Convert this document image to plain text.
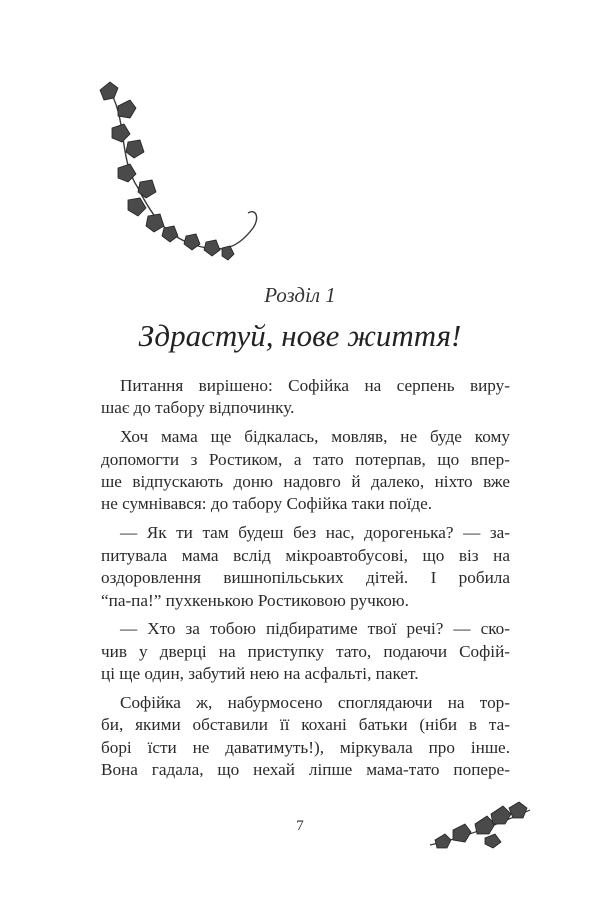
Розділ 1
Здрастуй, нове життя!
Питання вирішено: Софійка на серпень виру-
шає до табору відпочинку.
Хоч мама ще бідкалась, мовляв, не буде кому
допомогти з Ростиком, а тато потерпав, що впер-
ше відпускають доню надовго й далеко, ніхто вже
не сумнівався: до табору Софійка таки поїде.
— Як ти там будеш без нас, дорогенька? — за-
питувала мама вслід мікроавтобусові, що віз на
оздоровлення вишнопільських дітей. І робила
“па-па!” пухкенькою Ростиковою ручкою.
— Хто за тобою підбиратиме твої речі? — ско-
чив у дверці на приступку тато, подаючи Софій-
ці ще один, забутий нею на асфальті, пакет.
Софійка ж, набурмосено споглядаючи на тор-
би, якими обставили її кохані батьки (ніби в та-
борі їсти не даватимуть!), міркувала про інше.
Вона гадала, що нехай ліпше мама-тато попере-
7
